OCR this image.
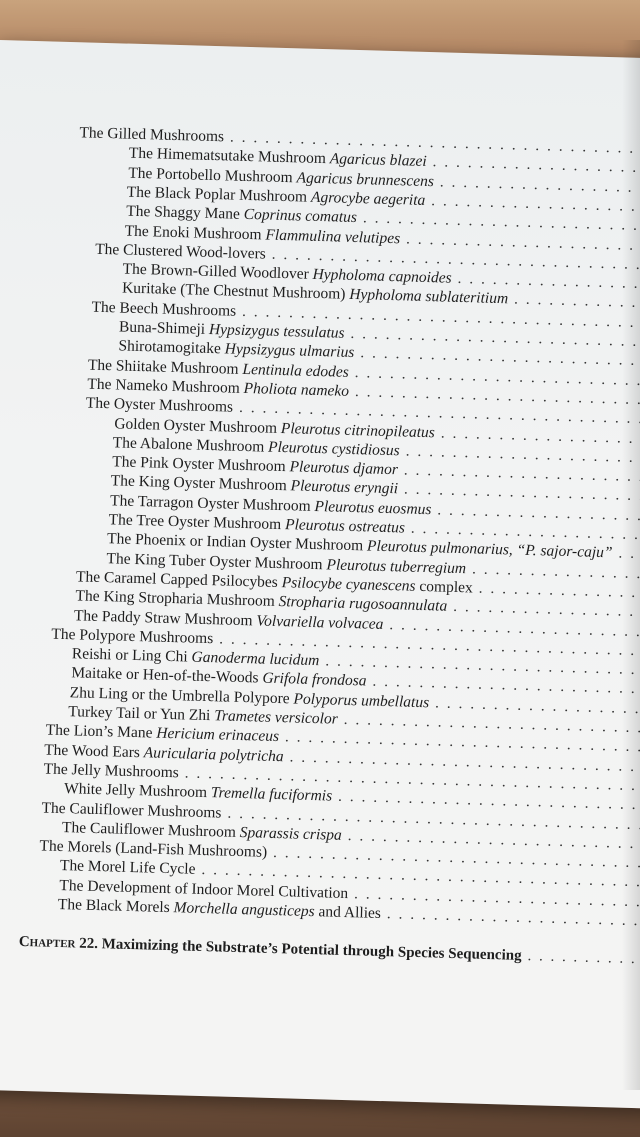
The Gilled Mushrooms
. . .
The Himematsutake Mushroom Agaricus blazei
. . .
The Portobello Mushroom Agaricus brunnescens
. . .
The Black Poplar Mushroom Agrocybe aegerita
. . .
The Shaggy Mane Coprinus comatus
. . .
The Enoki Mushroom Flammulina velutipes
. . .
The Clustered Wood-lovers
. . .
The Brown-Gilled Woodlover Hypholoma capnoides
. . .
Kuritake (The Chestnut Mushroom) Hypholoma sublateritium
. . .
The Beech Mushrooms
. . .
Buna-Shimeji Hypsizygus tessulatus
. . .
Shirotamogitake Hypsizygus ulmarius
. . .
The Shiitake Mushroom Lentinula edodes
. . .
The Nameko Mushroom Pholiota nameko
. . .
The Oyster Mushrooms
. . .
Golden Oyster Mushroom Pleurotus citrinopileatus
. . .
The Abalone Mushroom Pleurotus cystidiosus
. . .
The Pink Oyster Mushroom Pleurotus djamor
. . .
The King Oyster Mushroom Pleurotus eryngii
. . .
The Tarragon Oyster Mushroom Pleurotus euosmus
. . .
The Tree Oyster Mushroom Pleurotus ostreatus
. . .
The Phoenix or Indian Oyster Mushroom Pleurotus pulmonarius, “P. sajor-caju”
. . .
The King Tuber Oyster Mushroom Pleurotus tuberregium
. . .
The Caramel Capped Psilocybes Psilocybe cyanescens complex
. . .
The King Stropharia Mushroom Stropharia rugosoannulata
. . .
The Paddy Straw Mushroom Volvariella volvacea
. . .
The Polypore Mushrooms
. . .
Reishi or Ling Chi Ganoderma lucidum
. . .
Maitake or Hen-of-the-Woods Grifola frondosa
. . .
Zhu Ling or the Umbrella Polypore Polyporus umbellatus
. . .
Turkey Tail or Yun Zhi Trametes versicolor
. . .
The Lion’s Mane Hericium erinaceus
. . .
The Wood Ears Auricularia polytricha
. . .
The Jelly Mushrooms
. . .
White Jelly Mushroom Tremella fuciformis
. . .
The Cauliflower Mushrooms
. . .
The Cauliflower Mushroom Sparassis crispa
. . .
The Morels (Land-Fish Mushrooms)
. . .
The Morel Life Cycle
. . .
The Development of Indoor Morel Cultivation
. . .
The Black Morels Morchella angusticeps and Allies
. . .
Chapter 22. Maximizing the Substrate’s Potential through Species Sequencing
. . .
